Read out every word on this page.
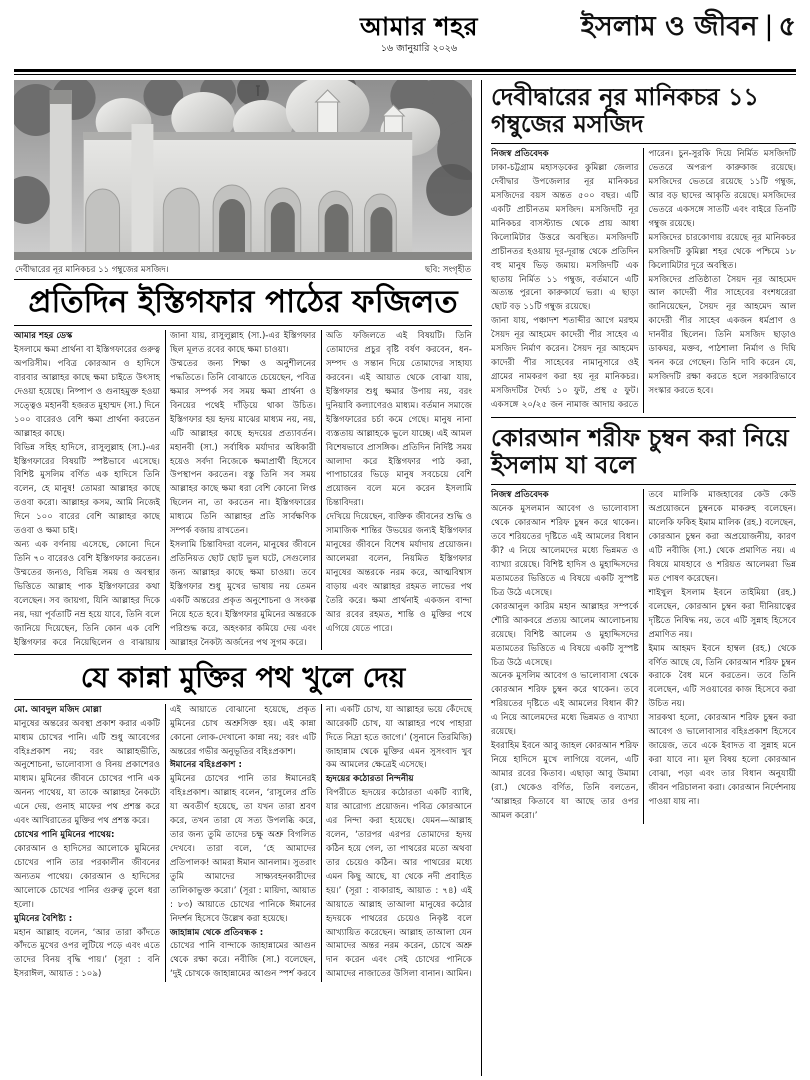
আমার শহর
১৬ জানুয়ারি ২০২৬
ইসলাম ও জীবন | ৫
দেবীদ্বারের নূর মানিকচর ১১ গম্বুজের মসজিদ।	ছবি: সংগৃহীত
প্রতিদিন ইস্তিগফার পাঠের ফজিলত

আমার শহর ডেস্ক

ইসলামে ক্ষমা প্রার্থনা বা ইস্তিগফারের গুরুত্ব অপরিসীম। পবিত্র কোরআন ও হাদিসে বারবার আল্লাহর কাছে ক্ষমা চাইতে উৎসাহ দেওয়া হয়েছে। নিষ্পাপ ও গুনাহমুক্ত হওয়া সত্ত্বেও মহানবী হজরত মুহাম্মদ (সা.) দিনে ১০০ বারেরও বেশি ক্ষমা প্রার্থনা করতেন আল্লাহর কাছে।

বিভিন্ন সহিহ হাদিসে, রাসুলুল্লাহ (সা.)-এর ইস্তিগফারের বিষয়টি স্পষ্টভাবে এসেছে। বিশিষ্ট মুসলিম বর্ণিত এক হাদিসে তিনি বলেন, হে মানুষ! তোমরা আল্লাহর কাছে তওবা করো। আল্লাহর কসম, আমি নিজেই দিনে ১০০ বারের বেশি আল্লাহর কাছে তওবা ও ক্ষমা চাই।

অন্য এক বর্ণনায় এসেছে, কোনো দিনে তিনি ৭০ বারেরও বেশি ইস্তিগফার করতেন। উম্মতের জন্যও, বিভিন্ন সময় ও অবস্থার ভিত্তিতে আল্লাহ পাক ইস্তিগফারের কথা বলেছেন। সব জায়গা, যিনি আল্লাহর দিকে নয়, দয়া পূর্বতাটি নম্র হয়ে যাবে, তিনি বলে জানিয়ে দিয়েছেন, তিনি কোন এক বেশি ইস্তিগফার করে নিয়েছিলেন ও বাঝায়ায় জানা যায়, রাসুলুল্লাহ (সা.)-এর ইস্তিগফার ছিল মূলত রবের কাছে ক্ষমা চাওয়া।

উম্মতের জন্য শিক্ষা ও অনুশীলনের পদ্ধতিতে। তিনি বোঝাতে চেয়েছেন, পবিত্র ক্ষমার সম্পর্ক সব সময় ক্ষমা প্রার্থনা ও বিনয়ের পথেই দাঁড়িয়ে থাকা উচিত। ইস্তিগফার হয় হৃদয় মাঝের মাধ্যম নয়, নয়, এটি আল্লাহর কাছে হৃদয়ের প্রত্যাবর্তন। মহানবী (সা.) সর্বাধিক মর্যাদার অধিকারী হয়েও সর্বদা নিজেকে ক্ষমাপ্রার্থী হিসেবে উপস্থাপন করতেন। বস্তু তিনি সব সময় আল্লাহর কাছে ক্ষমা ধরা বেশি কোনো লিপ্ত ছিলেন না, তা করতেন না। ইস্তিগফারের মাধ্যমে তিনি আল্লাহর প্রতি সার্বক্ষণিক সম্পর্ক বজায় রাখতেন।

ইসলামি চিন্তাবিদরা বলেন, মানুষের জীবনে প্রতিনিয়ত ছোট ছোট ভুল ঘটে, সেগুলোর জন্য আল্লাহর কাছে ক্ষমা চাওয়া। তবে ইস্তিগফার শুধু মুখের ভাষায় নয় তেমন একটি অন্তরের প্রকৃত অনুশোচনা ও সংকল্প নিয়ে হতে হবে। ইস্তিগফার মুমিনের অন্তরকে পরিশুদ্ধ করে, অহংকার কমিয়ে দেয় এবং আল্লাহর নৈকট্য অর্জনের পথ সুগম করে।

অতি ফজিলতে এই বিষয়টি। তিনি তোমাদের প্রচুর বৃষ্টি বর্ষণ করবেন, ধন-সম্পদ ও সন্তান দিয়ে তোমাদের সাহায্য করবেন। এই আয়াত থেকে বোঝা যায়, ইস্তিগফার শুধু ক্ষমার উপায় নয়, বরং দুনিয়াবি কল্যাণেরও মাধ্যম। বর্তমান সমাজে ইস্তিগফারের চর্চা কমে গেছে। মানুষ নানা ব্যস্ততায় আল্লাহকে ভুলে যাচ্ছে। এই আমল বিশেষভাবে প্রাসঙ্গিক। প্রতিদিন নির্দিষ্ট সময় আলাদা করে ইস্তিগফার পাঠ করা, পাপাচারের ভিড়ে মানুষ সবচেয়ে বেশি প্রয়োজন বলে মনে করেন ইসলামি চিন্তাবিদরা।

দেখিয়ে দিয়েছেন, ব্যক্তিক জীবনের শুদ্ধি ও সামাজিক শান্তির উভয়ের জন্যই ইস্তিগফার মানুষের জীবনে বিশেষ মর্যাদায় প্রয়োজন। আলেমরা বলেন, নিয়মিত ইস্তিগফার মানুষের অন্তরকে নরম করে, আত্মবিশ্বাস বাড়ায় এবং আল্লাহর রহমত লাভের পথ তৈরি করে। ক্ষমা প্রার্থনাই একজন বান্দা আর রবের রহমত, শান্তি ও মুক্তির পথে এগিয়ে যেতে পারে।

যে কান্না মুক্তির পথ খুলে দেয়

মো. আবদুল মজিদ মোল্লা

মানুষের অন্তরের অবস্থা প্রকাশ করার একটি মাধ্যম চোখের পানি। এটি শুধু আবেগের বহিঃপ্রকাশ নয়; বরং আল্লাহভীতি, অনুশোচনা, ভালোবাসা ও বিনয় প্রকাশেরও মাধ্যম। মুমিনের জীবনে চোখের পানি এক অনন্য পাথেয়, যা তাকে আল্লাহর নৈকট্যে এনে দেয়, গুনাহ মাফের পথ প্রশস্ত করে এবং আখিরাতের মুক্তির পথ প্রশস্ত করে।

চোখের পানি মুমিনের পাথেয়:

কোরআন ও হাদিসের আলোকে মুমিনের চোখের পানি তার পরকালীন জীবনের অন্যতম পাথেয়। কোরআন ও হাদিসের আলোকে চোখের পানির গুরুত্ব তুলে ধরা হলো।

মুমিনের বৈশিষ্ট্য :

মহান আল্লাহ বলেন, ‘আর তারা কাঁদতে কাঁদতে মুখের ওপর লুটিয়ে পড়ে এবং এতে তাদের বিনয় বৃদ্ধি পায়।’ (সূরা : বনি ইসরাঈল, আয়াত : ১০৯)

এই আয়াতে বোঝানো হয়েছে, প্রকৃত মুমিনের চোখ অশ্রুসিক্ত হয়। এই কান্না কোনো লোক-দেখানো কান্না নয়; বরং এটি অন্তরের গভীর অনুভূতির বহিঃপ্রকাশ।

ঈমানের বহিঃপ্রকাশ :

মুমিনের চোখের পানি তার ঈমানেরই বহিঃপ্রকাশ। আল্লাহ বলেন, ‘রাসুলের প্রতি যা অবতীর্ণ হয়েছে, তা যখন তারা শ্রবণ করে, তখন তারা যে সত্য উপলব্ধি করে, তার জন্য তুমি তাদের চক্ষু অশ্রু বিগলিত দেখবে। তারা বলে, ‘হে আমাদের প্রতিপালক! আমরা ঈমান আনলাম। সুতরাং তুমি আমাদের সাক্ষ্যবহনকারীদের তালিকাভুক্ত করো।’ (সূরা : মায়িদা, আয়াত : ৮৩) আয়াতে চোখের পানিকে ঈমানের নিদর্শন হিসেবে উল্লেখ করা হয়েছে।

জাহান্নাম থেকে প্রতিবন্ধক :

চোখের পানি বান্দাকে জাহান্নামের আগুন থেকে রক্ষা করে। নবীজি (সা.) বলেছেন, ‘দুই চোখকে জাহান্নামের আগুন স্পর্শ করবে না। একটি চোখ, যা আল্লাহর ভয়ে কেঁদেছে আরেকটি চোখ, যা আল্লাহর পথে পাহারা দিতে নিদ্রা হতে জাগে।’ (সুনানে তিরমিজি) জাহান্নাম থেকে মুক্তির এমন সুসংবাদ খুব কম আমলের ক্ষেত্রেই এসেছে।

হৃদয়ের কঠোরতা নিন্দনীয়

বিপরীতে হৃদয়ের কঠোরতা একটি ব্যাধি, যার আরোগ্য প্রয়োজন। পবিত্র কোরআনে এর নিন্দা করা হয়েছে। যেমন—আল্লাহ বলেন, ‘তারপর এরপর তোমাদের হৃদয় কঠিন হয়ে গেল, তা পাথরের মতো অথবা তার চেয়েও কঠিন। আর পাথরের মধ্যে এমন কিছু আছে, যা থেকে নদী প্রবাহিত হয়।’ (সূরা : বাকারাহ, আয়াত : ৭৪) এই আয়াতে আল্লাহ তাআলা মানুষের কঠোর হৃদয়কে পাথরের চেয়েও নিকৃষ্ট বলে আখ্যায়িত করেছেন। আল্লাহ তাআলা যেন আমাদের অন্তর নরম করেন, চোখে অশ্রু দান করেন এবং সেই চোখের পানিকে আমাদের নাজাতের উসিলা বানান। আমিন।

দেবীদ্বারের নূর মানিকচর ১১ গম্বুজের মসজিদ

নিজস্ব প্রতিবেদক

ঢাকা-চট্টগ্রাম মহাসড়কের কুমিল্লা জেলার দেবীদ্বার উপজেলার নূর মানিকচর মসজিদের বয়স অন্তত ৫০০ বছর। এটি একটি প্রাচীনতম মসজিদ। মসজিদটি নূর মানিকচর বাসস্ট্যান্ড থেকে প্রায় আধা কিলোমিটার উত্তরে অবস্থিত। মসজিদটি প্রাচীনতর হওয়ায় দূর-দূরান্ত থেকে প্রতিদিন বহু মানুষ ভিড় জমায়। মসজিদটি এক ছাতায় নির্মিত ১১ গম্বুজ, বর্তমানে এটি অত্যন্ত পুরনো কারুকার্যে ভরা। এ ছাড়া ছোট বড় ১১টি গম্বুজ রয়েছে।

জানা যায়, পঞ্চাদশ শতাব্দীর আগে মরহুম সৈয়দ নূর আহমেদ কাদেরী পীর সাহেব এ মসজিদ নির্মাণ করেন। সৈয়দ নূর আহমেদ কাদেরী পীর সাহেবের নামানুসারে ওই গ্রামের নামকরণ করা হয় নূর মানিকচর। মসজিদটির দৈর্ঘ্য ১০ ফুট, প্রস্থ ৫ ফুট। একসঙ্গে ২০/২৫ জন নামাজ আদায় করতে পারেন। চুন-সুরকি দিয়ে নির্মিত মসজিদটি ভেতরে অপরূপ কারুকাজ রয়েছে। মসজিদের ভেতরে রয়েছে ১১টি গম্বুজ, আর বড় ছাদের আকৃতি রয়েছে। মসজিদের ভেতরে একসঙ্গে সাতটি এবং বাইরে তিনটি গম্বুজ রয়েছে।

মসজিদের চারকোণায় রয়েছে নূর মানিকচর মসজিদটি কুমিল্লা শহর থেকে পশ্চিমে ১৮ কিলোমিটার দূরে অবস্থিত।

মসজিদের প্রতিষ্ঠাতা সৈয়দ নূর আহমেদ আল কাদেরী পীর সাহেবের বংশধরেরা জানিয়েছেন, সৈয়দ নূর আহমেদ আল কাদেরী পীর সাহেব একজন ধর্মপ্রাণ ও দানবীর ছিলেন। তিনি মসজিদ ছাড়াও ডাকঘর, মক্তব, পাঠশালা নির্মাণ ও দিঘি খনন করে গেছেন। তিনি দাবি করেন যে, মসজিদটি রক্ষা করতে হলে সরকারিভাবে সংস্কার করতে হবে।

কোরআন শরীফ চুম্বন করা নিয়ে ইসলাম যা বলে

নিজস্ব প্রতিবেদক

অনেক মুসলমান আবেগ ও ভালোবাসা থেকে কোরআন শরিফ চুম্বন করে থাকেন। তবে শরিয়তের দৃষ্টিতে এই আমলের বিধান কী? এ নিয়ে আলেমদের মধ্যে ভিন্নমত ও ব্যাখ্যা রয়েছে। বিশিষ্ট হাদিস ও মুহাদ্দিসদের মতামতের ভিত্তিতে এ বিষয়ে একটি সুস্পষ্ট চিত্র উঠে এসেছে।

কোরআনুল কারিম মহান আল্লাহর সম্পর্কে শৌরি আকবরে প্রত্যয় আলেম আলোচনায় রয়েছে। বিশিষ্ট আলেম ও মুহাদ্দিসদের মতামতের ভিত্তিতে এ বিষয়ে একটি সুস্পষ্ট চিত্র উঠে এসেছে।

অনেক মুসলিম আবেগ ও ভালোবাসা থেকে কোরআন শরিফ চুম্বন করে থাকেন। তবে শরিয়তের দৃষ্টিতে এই আমলের বিধান কী? এ নিয়ে আলেমদের মধ্যে ভিন্নমত ও ব্যাখ্যা রয়েছে।

ইবরাহিম ইবনে আবু জাহল কোরআন শরিফ নিয়ে হাদিসে মুখে লাগিয়ে বলেন, এটি আমার রবের কিতাব। এছাড়া আবু উমামা (রা.) থেকেও বর্ণিত, তিনি বলতেন, ‘আল্লাহর কিতাবে যা আছে তার ওপর আমল করো।’

তবে মালিকি মাজহাবের কেউ কেউ অপ্রয়োজনে চুম্বনকে মাকরুহ বলেছেন। মালেকি ফকিহ ইমাম মালিক (রহ.) বলেছেন, কোরআন চুম্বন করা অপ্রয়োজনীয়, কারণ এটি নবীজি (সা.) থেকে প্রমাণিত নয়। এ বিষয়ে মাযহাবে ও শরিয়ত আলেমরা ভিন্ন মত পোষণ করেছেন।

শাইখুল ইসলাম ইবনে তাইমিয়া (রহ.) বলেছেন, কোরআন চুম্বন করা দীনিয়াত্বের দৃষ্টিতে নিষিদ্ধ নয়, তবে এটি সুন্নাহ হিসেবে প্রমাণিত নয়।

ইমাম আহমদ ইবনে হাম্বল (রহ.) থেকে বর্ণিত আছে যে, তিনি কোরআন শরিফ চুম্বন করাকে বৈধ মনে করতেন। তবে তিনি বলেছেন, এটি সওয়াবের কাজ হিসেবে করা উচিত নয়।

সারকথা হলো, কোরআন শরিফ চুম্বন করা আবেগ ও ভালোবাসার বহিঃপ্রকাশ হিসেবে জায়েজ, তবে একে ইবাদত বা সুন্নাহ মনে করা যাবে না। মূল বিষয় হলো কোরআন বোঝা, পড়া এবং তার বিধান অনুযায়ী জীবন পরিচালনা করা। কোরআন নির্দেশনায় পাওয়া যায় না।
